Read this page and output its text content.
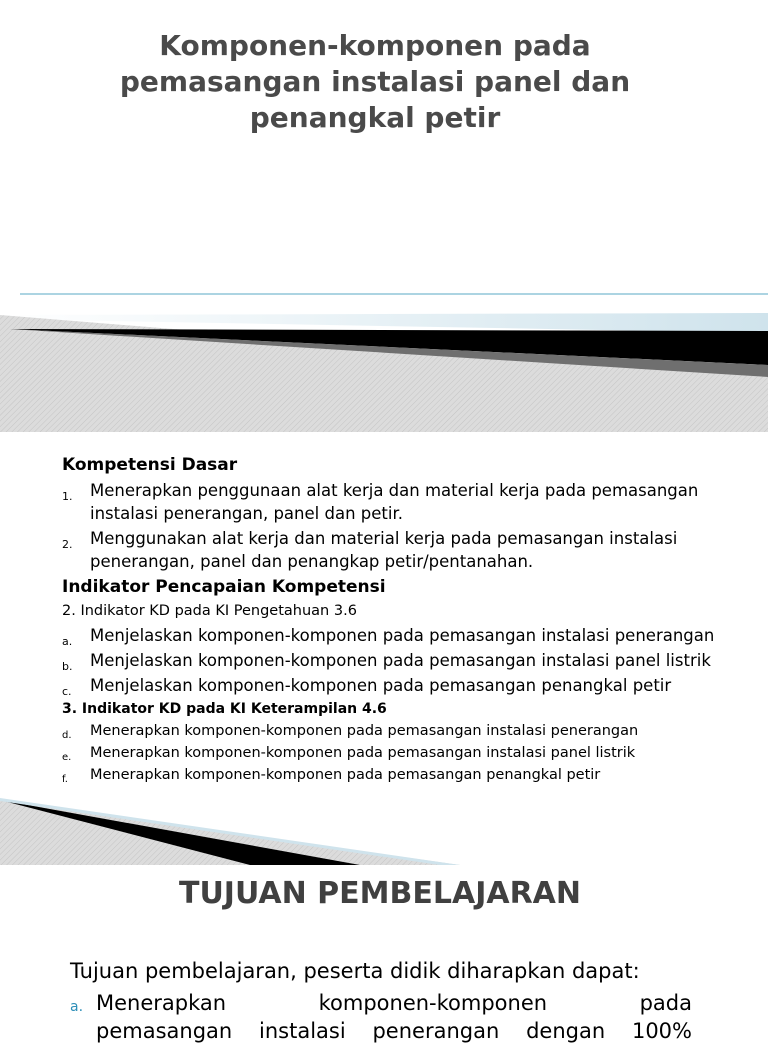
Komponen-komponen pada pemasangan instalasi panel dan penangkal petir

Kompetensi Dasar

1. Menerapkan penggunaan alat kerja dan material kerja pada pemasangan instalasi penerangan, panel dan petir.
2. Menggunakan alat kerja dan material kerja pada pemasangan instalasi penerangan, panel dan penangkap petir/pentanahan.

Indikator Pencapaian Kompetensi

2. Indikator KD pada KI Pengetahuan 3.6

a. Menjelaskan komponen-komponen pada pemasangan instalasi penerangan
b. Menjelaskan komponen-komponen pada pemasangan instalasi panel listrik
c. Menjelaskan komponen-komponen pada pemasangan penangkal petir

3. Indikator KD pada KI Keterampilan 4.6

d. Menerapkan komponen-komponen pada pemasangan instalasi penerangan
e. Menerapkan komponen-komponen pada pemasangan instalasi panel listrik
f. Menerapkan komponen-komponen pada pemasangan penangkal petir
TUJUAN PEMBELAJARAN
Tujuan pembelajaran, peserta didik diharapkan dapat:
a. Menerapkan komponen-komponen pada
pemasangan instalasi penerangan dengan 100%
